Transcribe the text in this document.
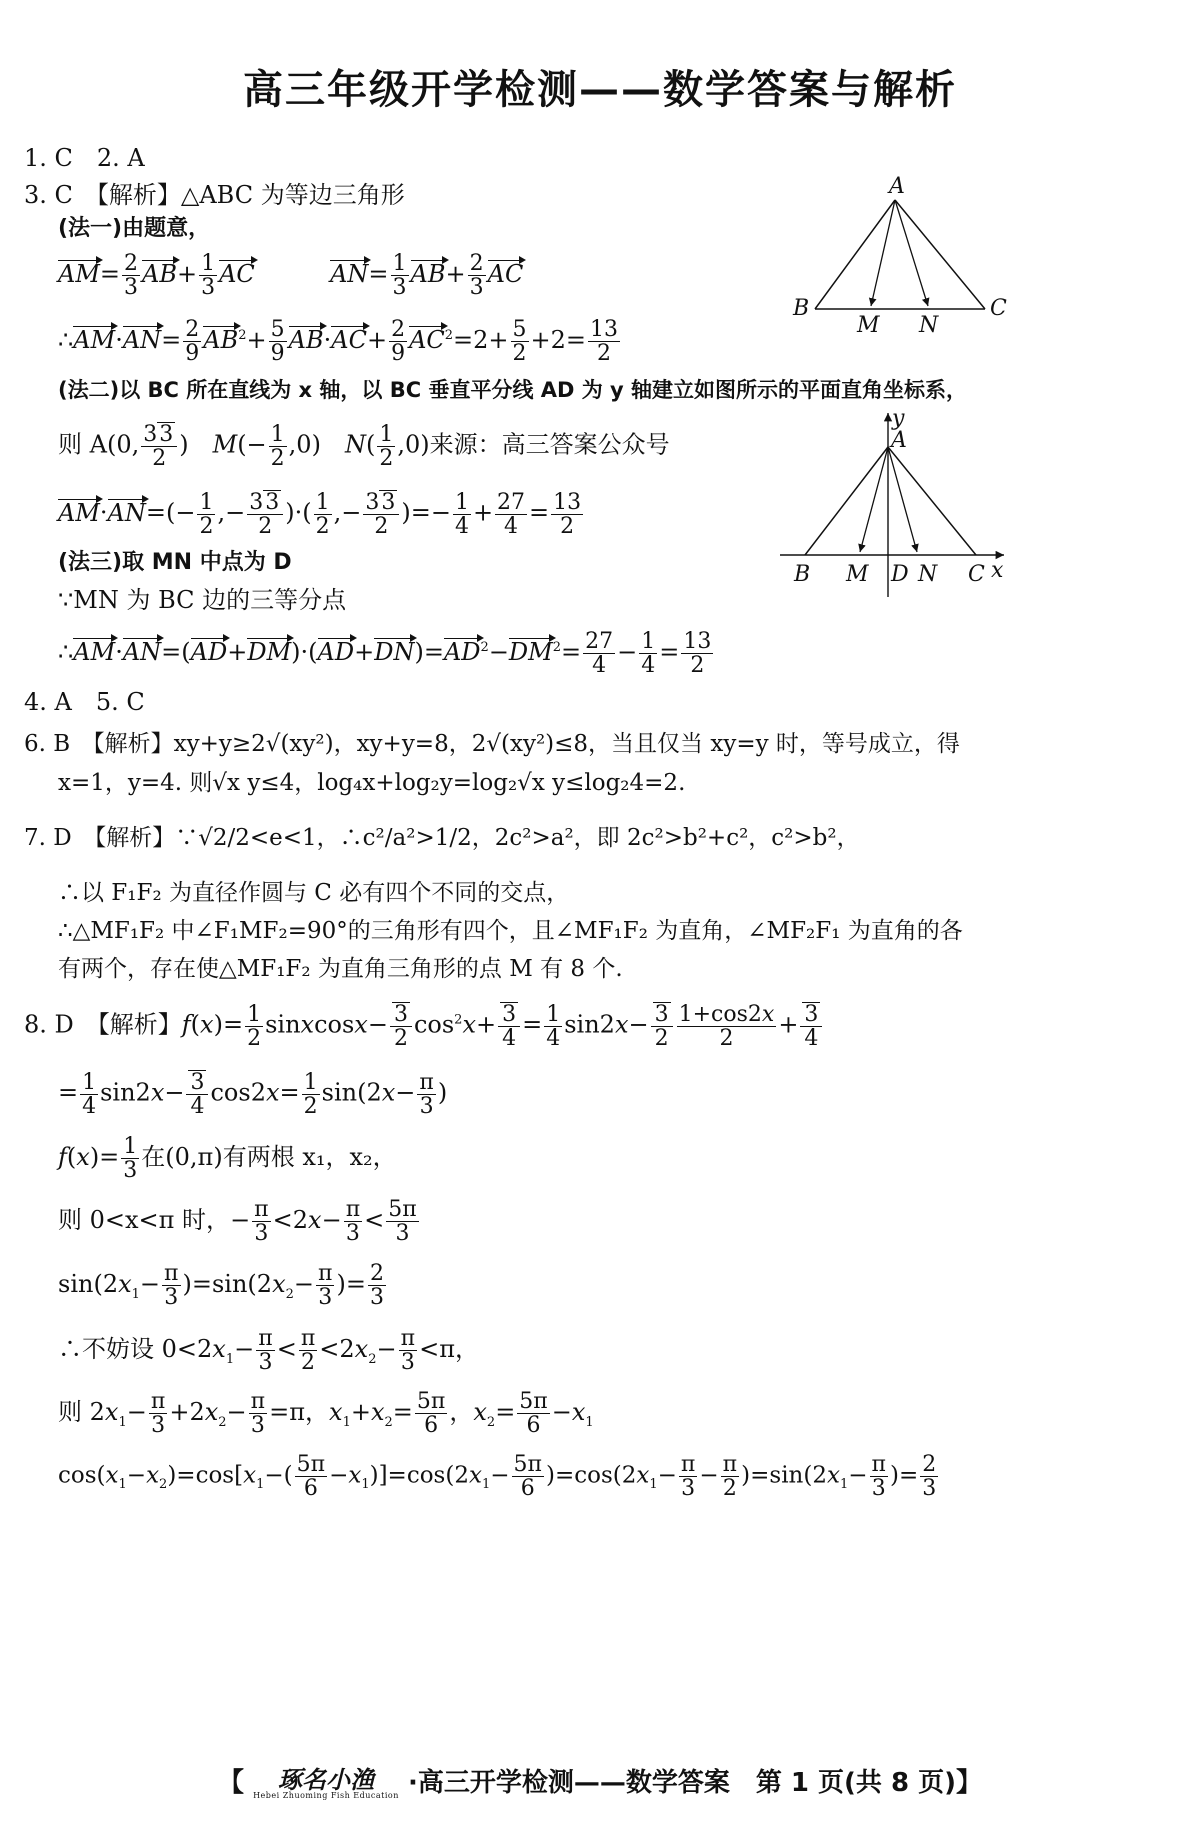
高三年级开学检测——数学答案与解析
1. C　2. A
3. C　【解析】△ABC 为等边三角形
(法一)由题意，
$AM= \frac{2}{3} AB+ \frac{1}{3}$ AC	$AN= \frac{1}{3} AB+ \frac{2}{3}$ AC
∴AM·AN= $\frac{2}{9} AB^2+ \frac{5}{9} AB\cdot AC+ \frac{2}{9} AC^2=2+ \frac{5}{2} +2= \frac{13}{2}$
(法二)以 BC 所在直线为 x 轴，以 BC 垂直平分线 AD 为 y 轴建立如图所示的平面直角坐标系，
则 A(0, $\frac{33}{2}$ )　$M(- \frac{1}{2} ,0)$　$N( \frac{1}{2} ,0)$来源：高三答案公众号
$AM\cdot AN=(- \frac{1}{2}$ ,− $\frac{33}{2}$ )·( $\frac{1}{2}$ ,− $\frac{33}{2}$ )=− $\frac{1}{4} + \frac{27}{4} = \frac{13}{2}$
(法三)取 MN 中点为 D
∵MN 为 BC 边的三等分点
$\therefore AM\cdot AN=(AD+DM)\cdot(AD+DN)=AD^2-DM^2= \frac{27}{4} - \frac{1}{4} = \frac{13}{2}$
A
B	C
M N
y
A
B M D N C x
4. A　5. C
6. B　【解析】xy+y≥2√(xy²)，xy+y=8，2√(xy²)≤8，当且仅当 xy=y 时，等号成立，得
x=1，y=4. 则√x y≤4，log₄x+log₂y=log₂√x y≤log₂4=2.
7. D　【解析】∵√2/2<e<1，∴c²/a²>1/2，2c²>a²，即 2c²>b²+c²，c²>b²，
∴以 F₁F₂ 为直径作圆与 C 必有四个不同的交点，
∴△MF₁F₂ 中∠F₁MF₂=90°的三角形有四个，且∠MF₁F₂ 为直角，∠MF₂F₁ 为直角的各
有两个，存在使△MF₁F₂ 为直角三角形的点 M 有 8 个.
8. D　【解析】$f(x)= \frac{1}{2}$ sinxcosx− $\frac{3}{2} \cos^2x+ \frac{3}{4} = \frac{1}{4} \sin 2x- \frac{3}{2} \frac{1+\cos 2x}{2} + \frac{3}{4}$
= $\frac{1}{4} \sin 2x- \frac{3}{4} \cos 2x= \frac{1}{2} \sin(2x- \frac{\pi}{3}$ )
$f(x)= \frac{1}{3}$ 在(0,π)有两根 x₁，x₂，
则 0<x<π 时，− $\frac{\pi}{3} <2x- \frac{\pi}{3} < \frac{5\pi}{3}$
$\sin(2x_1- \frac{\pi}{3} )=\sin(2x_2- \frac{\pi}{3}$ )= $\frac{2}{3}$
∴不妨设 $0<2x_1- \frac{\pi}{3} < \frac{\pi}{2} <2x_2- \frac{\pi}{3} <\pi$，
则 $2x_1- \frac{\pi}{3} +2x_2- \frac{\pi}{3} =\pi$，$x_1+x_2= \frac{5\pi}{6}$ ，$x_2= \frac{5\pi}{6} -x_1$
$\cos(x_1-x_2)=\cos[x_1-( \frac{5\pi}{6} -x_1)]=\cos(2x_1- \frac{5\pi}{6} )=\cos(2x_1- \frac{\pi}{3} - \frac{\pi}{2} )=\sin(2x_1- \frac{\pi}{3}$ )= $\frac{2}{3}$
【 琢名小渔
Hebei Zhuoming Fish Education ·高三开学检测——数学答案　第 1 页(共 8 页)】
